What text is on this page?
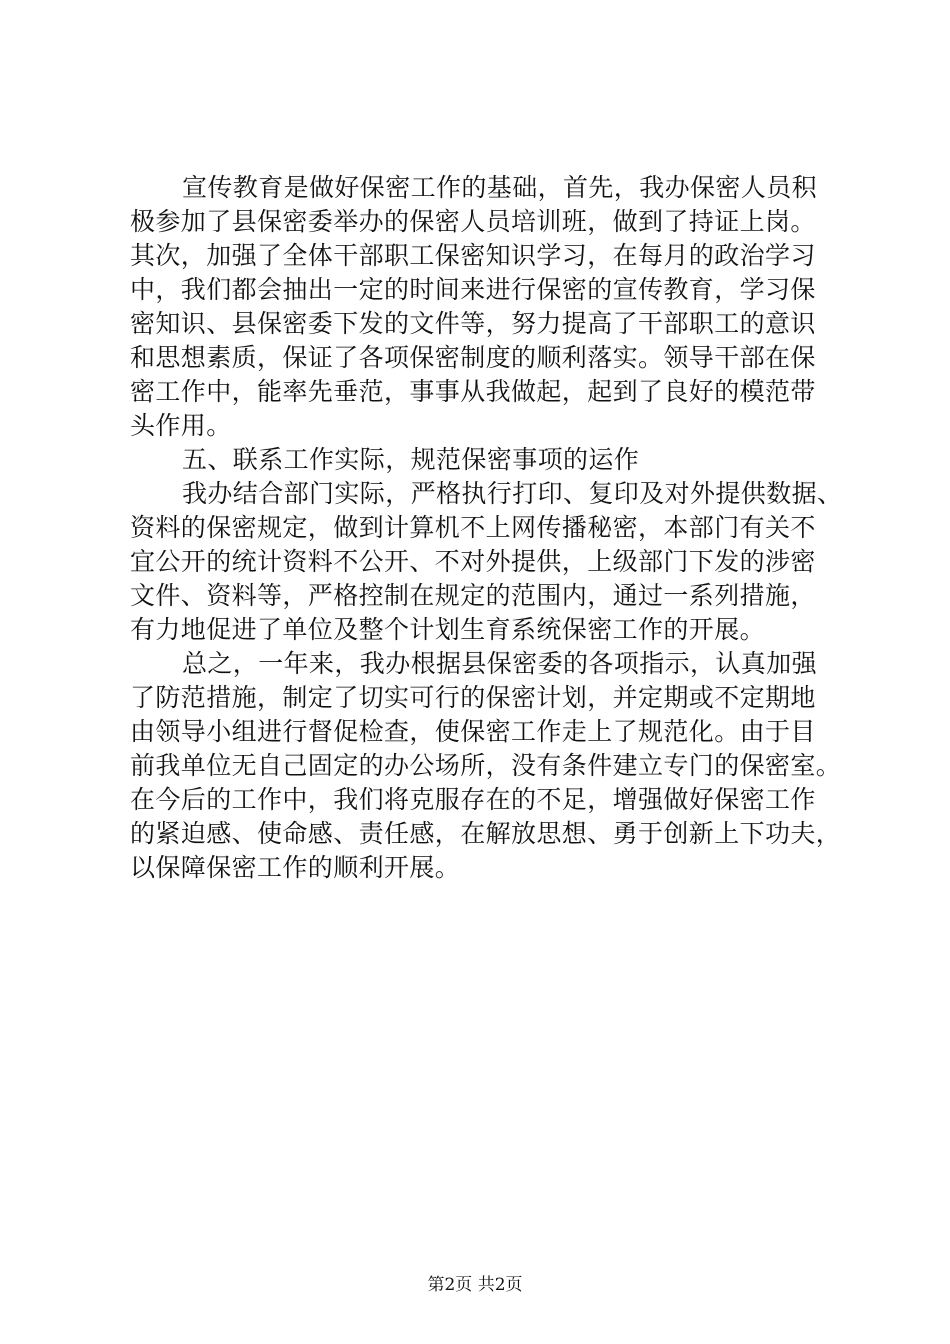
宣传教育是做好保密工作的基础，首先，我办保密人员积
极参加了县保密委举办的保密人员培训班，做到了持证上岗。
其次，加强了全体干部职工保密知识学习，在每月的政治学习
中，我们都会抽出一定的时间来进行保密的宣传教育，学习保
密知识、县保密委下发的文件等，努力提高了干部职工的意识
和思想素质，保证了各项保密制度的顺利落实。领导干部在保
密工作中，能率先垂范，事事从我做起，起到了良好的模范带
头作用。
五、联系工作实际，规范保密事项的运作
我办结合部门实际，严格执行打印、复印及对外提供数据、
资料的保密规定，做到计算机不上网传播秘密，本部门有关不
宜公开的统计资料不公开、不对外提供，上级部门下发的涉密
文件、资料等，严格控制在规定的范围内，通过一系列措施，
有力地促进了单位及整个计划生育系统保密工作的开展。
总之，一年来，我办根据县保密委的各项指示，认真加强
了防范措施，制定了切实可行的保密计划，并定期或不定期地
由领导小组进行督促检查，使保密工作走上了规范化。由于目
前我单位无自己固定的办公场所，没有条件建立专门的保密室。
在今后的工作中，我们将克服存在的不足，增强做好保密工作
的紧迫感、使命感、责任感，在解放思想、勇于创新上下功夫，
以保障保密工作的顺利开展。
第2页 共2页
